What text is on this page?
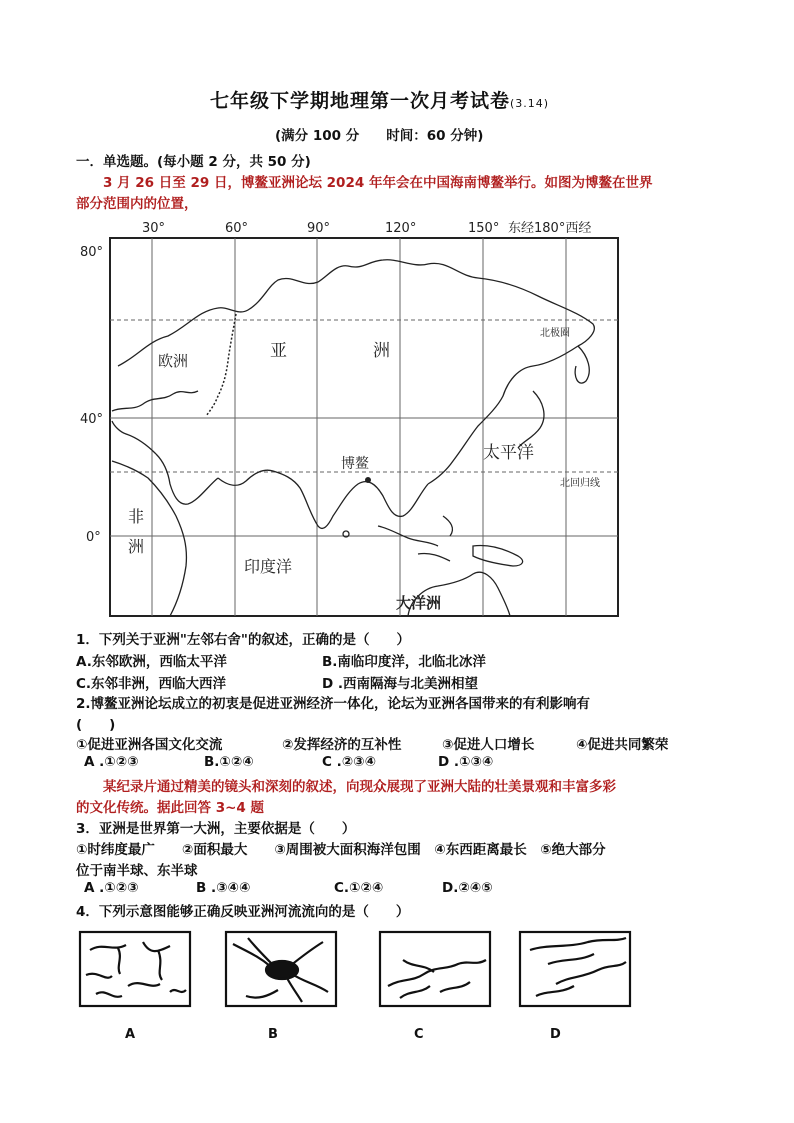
七年级下学期地理第一次月考试卷(3.14)
(满分 100 分　　时间：60 分钟)
一．单选题。(每小题 2 分，共 50 分)
　　3 月 26 日至 29 日，博鳌亚洲论坛 2024 年年会在中国海南博鳌举行。如图为博鳌在世界
部分范围内的位置，
30°	60°	90°	120°	150° 东经180°西经
80°
40°
0°
欧洲	亚	洲
非
洲
大洋洲
太平洋
印度洋
博鳌
北极圈
北回归线
1．下列关于亚洲"左邻右舍"的叙述，正确的是（　　）
A.东邻欧洲，西临太平洋	B.南临印度洋，北临北冰洋
C.东邻非洲，西临大西洋	D .西南隔海与北美洲相望
2.博鳌亚洲论坛成立的初衷是促进亚洲经济一体化，论坛为亚洲各国带来的有利影响有
(　　)
①促进亚洲各国文化交流	②发挥经济的互补性	③促进人口增长	④促进共同繁荣
A .①②③	B.①②④	C .②③④	D .①③④
　　某纪录片通过精美的镜头和深刻的叙述，向现众展现了亚洲大陆的壮美景观和丰富多彩
的文化传统。据此回答 3~4 题
3．亚洲是世界第一大洲，主要依据是（　　）
①时纬度最广　　②面积最大　　③周围被大面积海洋包围　④东西距离最长　⑤绝大部分
位于南半球、东半球
A .①②③	B .③④④	C.①②④	D.②④⑤
4．下列示意图能够正确反映亚洲河流流向的是（　　）
A	B	C	D
